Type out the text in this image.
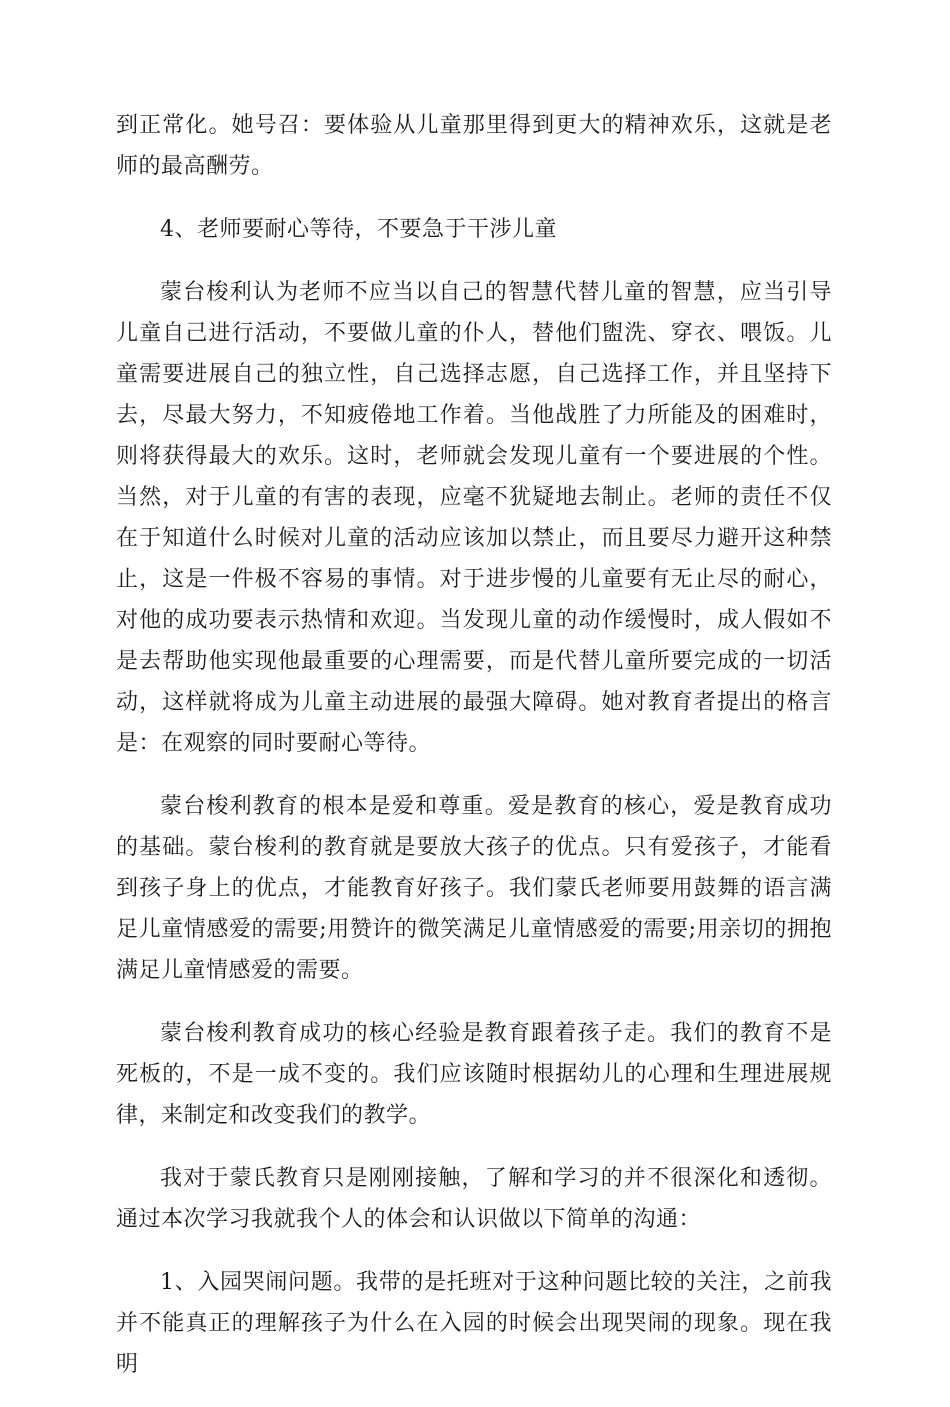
到正常化。她号召：要体验从儿童那里得到更大的精神欢乐，这就是老师的最高酬劳。

4、老师要耐心等待，不要急于干涉儿童

蒙台梭利认为老师不应当以自己的智慧代替儿童的智慧，应当引导儿童自己进行活动，不要做儿童的仆人，替他们盥洗、穿衣、喂饭。儿童需要进展自己的独立性，自己选择志愿，自己选择工作，并且坚持下去，尽最大努力，不知疲倦地工作着。当他战胜了力所能及的困难时，则将获得最大的欢乐。这时，老师就会发现儿童有一个要进展的个性。当然，对于儿童的有害的表现，应毫不犹疑地去制止。老师的责任不仅在于知道什么时候对儿童的活动应该加以禁止，而且要尽力避开这种禁止，这是一件极不容易的事情。对于进步慢的儿童要有无止尽的耐心，对他的成功要表示热情和欢迎。当发现儿童的动作缓慢时，成人假如不是去帮助他实现他最重要的心理需要，而是代替儿童所要完成的一切活动，这样就将成为儿童主动进展的最强大障碍。她对教育者提出的格言是：在观察的同时要耐心等待。

蒙台梭利教育的根本是爱和尊重。爱是教育的核心，爱是教育成功的基础。蒙台梭利的教育就是要放大孩子的优点。只有爱孩子，才能看到孩子身上的优点，才能教育好孩子。我们蒙氏老师要用鼓舞的语言满足儿童情感爱的需要;用赞许的微笑满足儿童情感爱的需要;用亲切的拥抱满足儿童情感爱的需要。

蒙台梭利教育成功的核心经验是教育跟着孩子走。我们的教育不是死板的，不是一成不变的。我们应该随时根据幼儿的心理和生理进展规律，来制定和改变我们的教学。

我对于蒙氏教育只是刚刚接触，了解和学习的并不很深化和透彻。通过本次学习我就我个人的体会和认识做以下简单的沟通：

1、入园哭闹问题。我带的是托班对于这种问题比较的关注，之前我并不能真正的理解孩子为什么在入园的时候会出现哭闹的现象。现在我明
